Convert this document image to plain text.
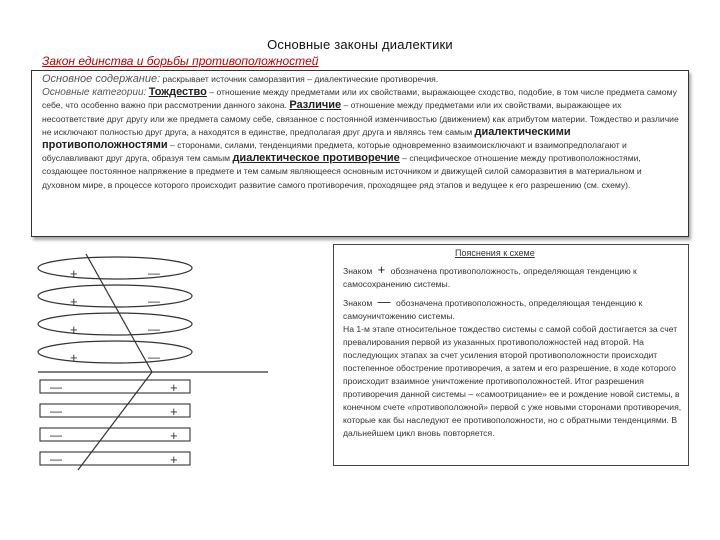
Основные законы диалектики
Закон единства и борьбы противоположностей

Основное содержание: раскрывает источник саморазвития – диалектические противоречия.

Основные категории: Тождество – отношение между предметами или их свойствами, выражающее сходство, подобие, в том числе предмета самому себе, что особенно важно при рассмотрении данного закона. Различие – отношение между предметами или их свойствами, выражающее их несоответствие друг другу или же предмета самому себе, связанное с постоянной изменчивостью (движением) как атрибутом материи. Тождество и различие не исключают полностью друг друга, а находятся в единстве, предполагая друг друга и являясь тем самым диалектическими противоположностями – сторонами, силами, тенденциями предмета, которые одновременно взаимоисключают и взаимопредполагают и обуславливают друг друга, образуя тем самым диалектическое противоречие – специфическое отношение между противоположностями, создающее постоянное напряжение в предмете и тем самым являющееся основным источником и движущей силой саморазвития в материальном и духовном мире, в процессе которого происходит развитие самого противоречия, проходящее ряд этапов и ведущее к его разрешению (см. схему).

+
+
+
+
—
—
—
—
—
—
—
—
+
+
+
+
Пояснения к схеме

Знаком + обозначена противоположность, определяющая тенденцию к самосохранению системы.

Знаком — обозначена противоположность, определяющая тенденцию к самоуничтожению системы.

На 1-м этапе относительное тождество системы с самой собой достигается за счет превалирования первой из указанных противоположностей над второй. На последующих этапах за счет усиления второй противоположности происходит постепенное обострение противоречия, а затем и его разрешение, в ходе которого происходит взаимное уничтожение противоположностей. Итог разрешения противоречия данной системы – «самоотрицание» ее и рождение новой системы, в конечном счете «противоположной» первой с уже новыми сторонами противоречия, которые как бы наследуют ее противоположности, но с обратными тенденциями. В дальнейшем цикл вновь повторяется.
